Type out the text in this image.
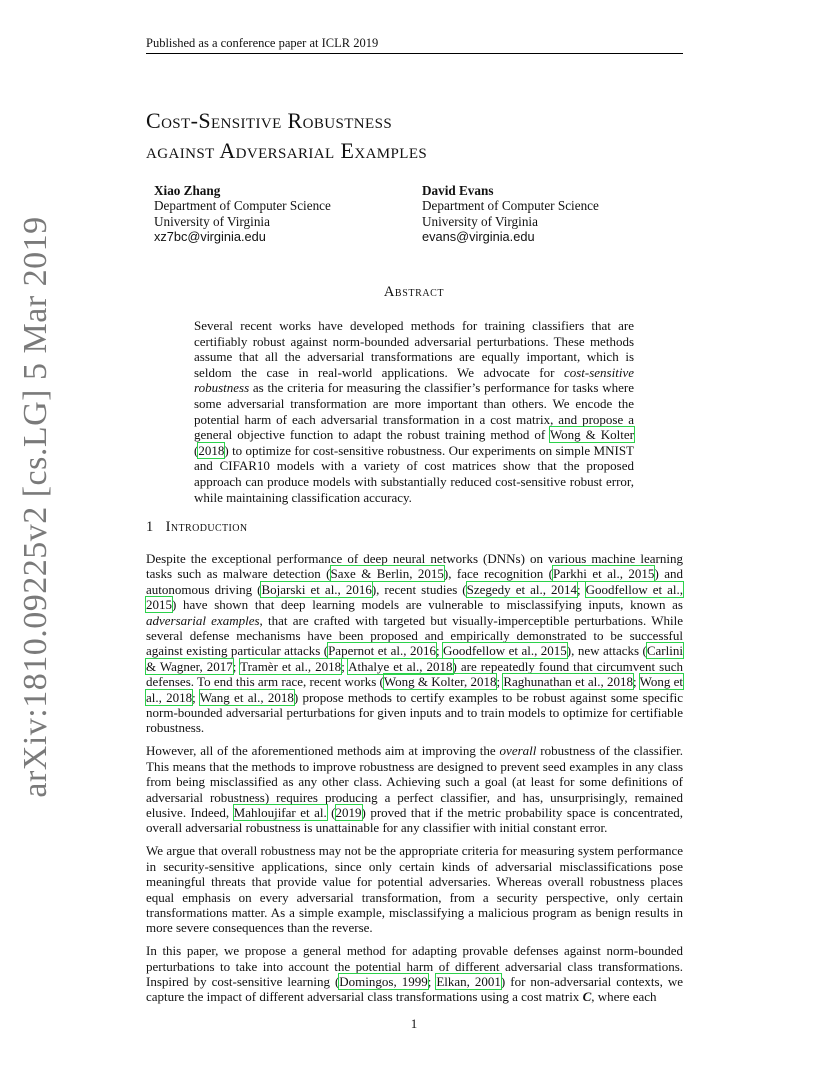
Published as a conference paper at ICLR 2019
arXiv:1810.09225v2 [cs.LG] 5 Mar 2019
Cost-Sensitive Robustness
against Adversarial Examples
Xiao Zhang
Department of Computer Science
University of Virginia
xz7bc@virginia.edu
David Evans
Department of Computer Science
University of Virginia
evans@virginia.edu
Abstract
Several recent works have developed methods for training classifiers that are certifiably robust against norm-bounded adversarial perturbations. These methods assume that all the adversarial transformations are equally important, which is seldom the case in real-world applications. We advocate for cost-sensitive robustness as the criteria for measuring the classifier’s performance for tasks where some adversarial transformation are more important than others. We encode the potential harm of each adversarial transformation in a cost matrix, and propose a general objective function to adapt the robust training method of Wong & Kolter (2018) to optimize for cost-sensitive robustness. Our experiments on simple MNIST and CIFAR10 models with a variety of cost matrices show that the proposed approach can produce models with substantially reduced cost-sensitive robust error, while maintaining classification accuracy.
1 Introduction

Despite the exceptional performance of deep neural networks (DNNs) on various machine learning tasks such as malware detection (Saxe & Berlin, 2015), face recognition (Parkhi et al., 2015) and autonomous driving (Bojarski et al., 2016), recent studies (Szegedy et al., 2014; Goodfellow et al., 2015) have shown that deep learning models are vulnerable to misclassifying inputs, known as adversarial examples, that are crafted with targeted but visually-imperceptible perturbations. While several defense mechanisms have been proposed and empirically demonstrated to be successful against existing particular attacks (Papernot et al., 2016; Goodfellow et al., 2015), new attacks (Carlini & Wagner, 2017; Tramèr et al., 2018; Athalye et al., 2018) are repeatedly found that circumvent such defenses. To end this arm race, recent works (Wong & Kolter, 2018; Raghunathan et al., 2018; Wong et al., 2018; Wang et al., 2018) propose methods to certify examples to be robust against some specific norm-bounded adversarial perturbations for given inputs and to train models to optimize for certifiable robustness.

However, all of the aforementioned methods aim at improving the overall robustness of the classifier. This means that the methods to improve robustness are designed to prevent seed examples in any class from being misclassified as any other class. Achieving such a goal (at least for some definitions of adversarial robustness) requires producing a perfect classifier, and has, unsurprisingly, remained elusive. Indeed, Mahloujifar et al. (2019) proved that if the metric probability space is concentrated, overall adversarial robustness is unattainable for any classifier with initial constant error.

We argue that overall robustness may not be the appropriate criteria for measuring system performance in security-sensitive applications, since only certain kinds of adversarial misclassifications pose meaningful threats that provide value for potential adversaries. Whereas overall robustness places equal emphasis on every adversarial transformation, from a security perspective, only certain transformations matter. As a simple example, misclassifying a malicious program as benign results in more severe consequences than the reverse.

In this paper, we propose a general method for adapting provable defenses against norm-bounded perturbations to take into account the potential harm of different adversarial class transformations. Inspired by cost-sensitive learning (Domingos, 1999; Elkan, 2001) for non-adversarial contexts, we capture the impact of different adversarial class transformations using a cost matrix C, where each

1
